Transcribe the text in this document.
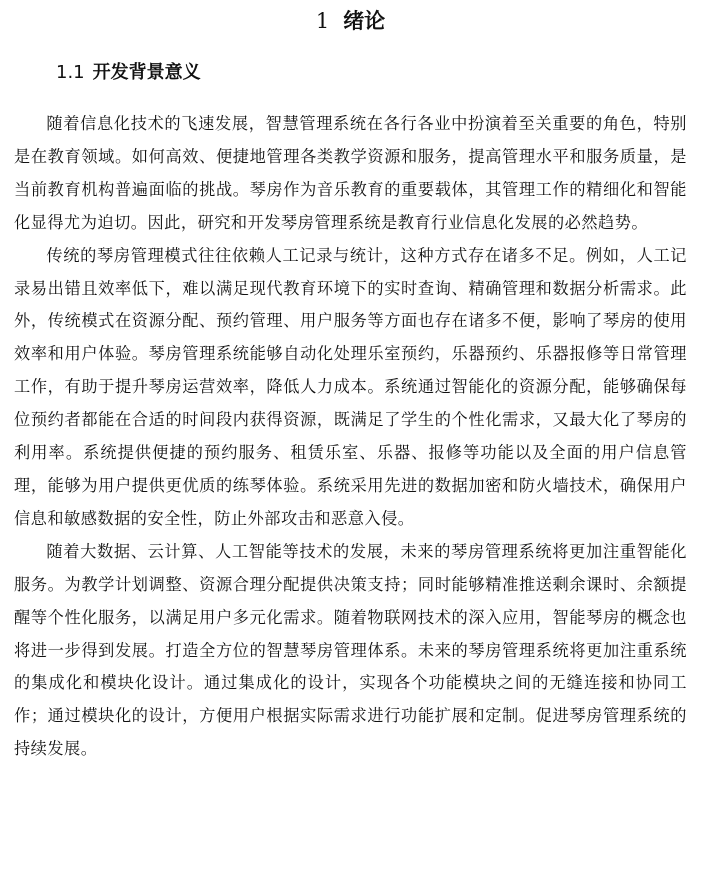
1 绪论
1.1 开发背景意义

随着信息化技术的飞速发展，智慧管理系统在各行各业中扮演着至关重要的角色，特别是在教育领域。如何高效、便捷地管理各类教学资源和服务，提高管理水平和服务质量，是当前教育机构普遍面临的挑战。琴房作为音乐教育的重要载体，其管理工作的精细化和智能化显得尤为迫切。因此，研究和开发琴房管理系统是教育行业信息化发展的必然趋势。

传统的琴房管理模式往往依赖人工记录与统计，这种方式存在诸多不足。例如，人工记录易出错且效率低下，难以满足现代教育环境下的实时查询、精确管理和数据分析需求。此外，传统模式在资源分配、预约管理、用户服务等方面也存在诸多不便，影响了琴房的使用效率和用户体验。琴房管理系统能够自动化处理乐室预约，乐器预约、乐器报修等日常管理工作，有助于提升琴房运营效率，降低人力成本。系统通过智能化的资源分配，能够确保每位预约者都能在合适的时间段内获得资源，既满足了学生的个性化需求，又最大化了琴房的利用率。系统提供便捷的预约服务、租赁乐室、乐器、报修等功能以及全面的用户信息管理，能够为用户提供更优质的练琴体验。系统采用先进的数据加密和防火墙技术，确保用户信息和敏感数据的安全性，防止外部攻击和恶意入侵。

随着大数据、云计算、人工智能等技术的发展，未来的琴房管理系统将更加注重智能化服务。为教学计划调整、资源合理分配提供决策支持；同时能够精准推送剩余课时、余额提醒等个性化服务，以满足用户多元化需求。随着物联网技术的深入应用，智能琴房的概念也将进一步得到发展。打造全方位的智慧琴房管理体系。未来的琴房管理系统将更加注重系统的集成化和模块化设计。通过集成化的设计，实现各个功能模块之间的无缝连接和协同工作；通过模块化的设计，方便用户根据实际需求进行功能扩展和定制。促进琴房管理系统的持续发展。
